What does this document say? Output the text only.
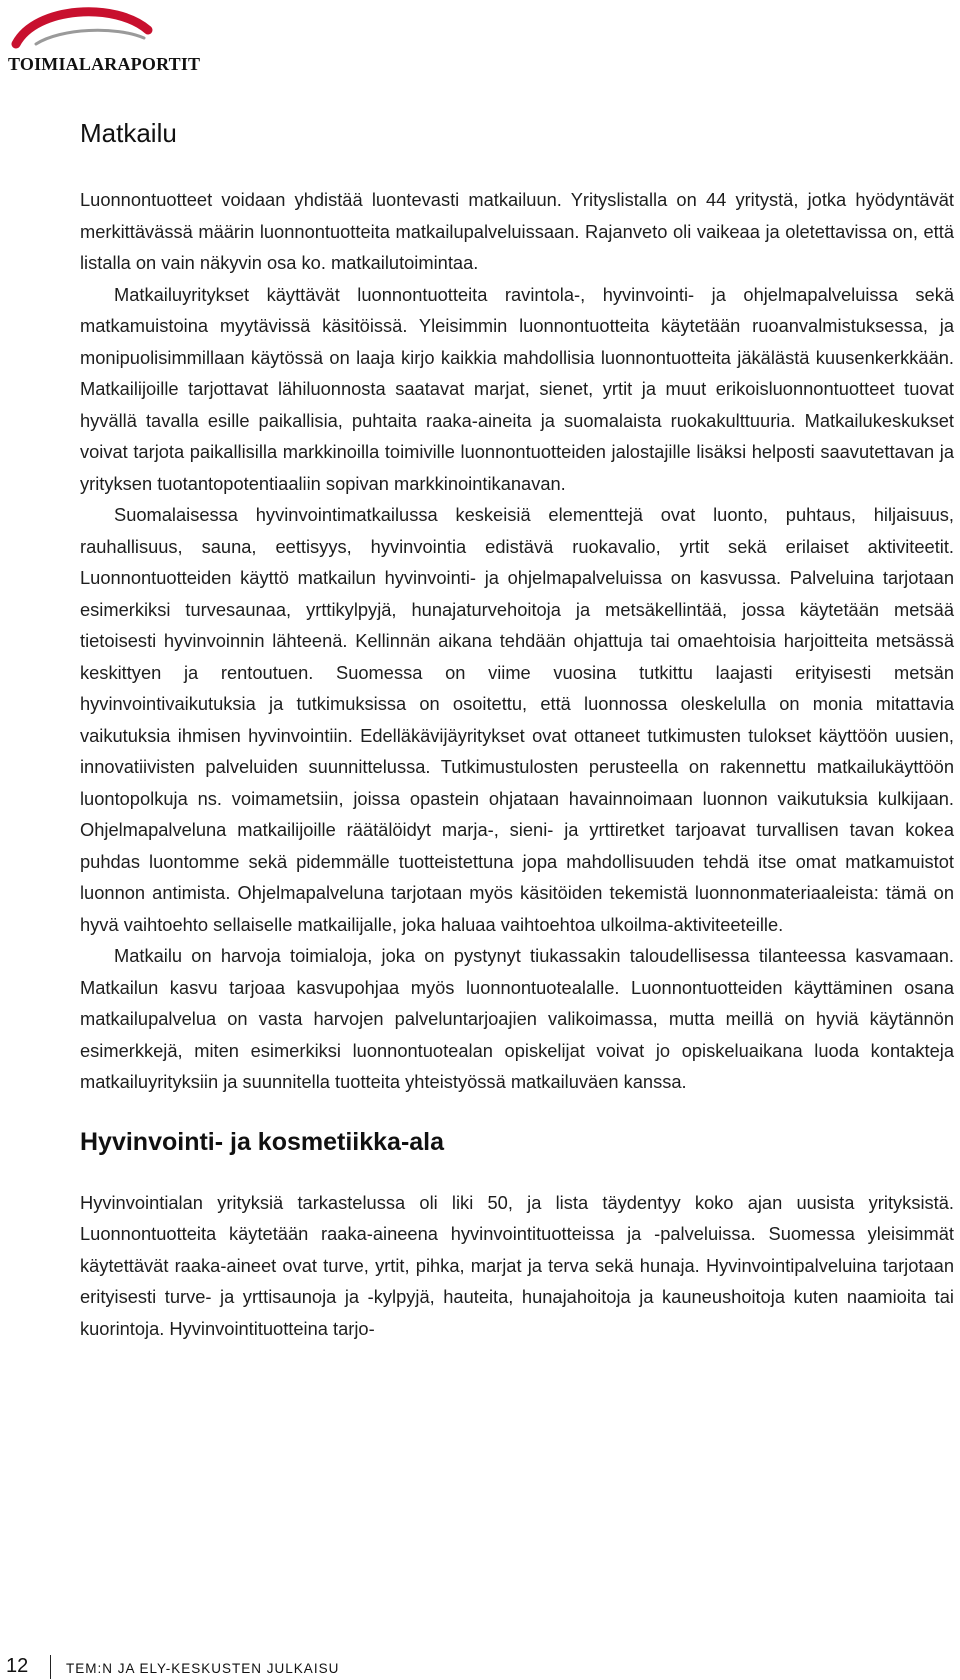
TOIMIALARAPORTIT
Matkailu

Luonnontuotteet voidaan yhdistää luontevasti matkailuun. Yrityslistalla on 44 yritystä, jotka hyödyntävät merkittävässä määrin luonnontuotteita matkailupalveluissaan. Rajanveto oli vaikeaa ja oletettavissa on, että listalla on vain näkyvin osa ko. matkailutoimintaa.

Matkailuyritykset käyttävät luonnontuotteita ravintola-, hyvinvointi- ja ohjelmapalveluissa sekä matkamuistoina myytävissä käsitöissä. Yleisimmin luonnontuotteita käytetään ruoanvalmistuksessa, ja monipuolisimmillaan käytössä on laaja kirjo kaikkia mahdollisia luonnontuotteita jäkälästä kuusenkerkkään. Matkailijoille tarjottavat lähiluonnosta saatavat marjat, sienet, yrtit ja muut erikoisluonnontuotteet tuovat hyvällä tavalla esille paikallisia, puhtaita raaka-aineita ja suomalaista ruokakulttuuria. Matkailukeskukset voivat tarjota paikallisilla markkinoilla toimiville luonnontuotteiden jalostajille lisäksi helposti saavutettavan ja yrityksen tuotantopotentiaaliin sopivan markkinointikanavan.

Suomalaisessa hyvinvointimatkailussa keskeisiä elementtejä ovat luonto, puhtaus, hiljaisuus, rauhallisuus, sauna, eettisyys, hyvinvointia edistävä ruokavalio, yrtit sekä erilaiset aktiviteetit. Luonnontuotteiden käyttö matkailun hyvinvointi- ja ohjelmapalveluissa on kasvussa. Palveluina tarjotaan esimerkiksi turvesaunaa, yrttikylpyjä, hunajaturvehoitoja ja metsäkellintää, jossa käytetään metsää tietoisesti hyvinvoinnin lähteenä. Kellinnän aikana tehdään ohjattuja tai omaehtoisia harjoitteita metsässä keskittyen ja rentoutuen. Suomessa on viime vuosina tutkittu laajasti erityisesti metsän hyvinvointivaikutuksia ja tutkimuksissa on osoitettu, että luonnossa oleskelulla on monia mitattavia vaikutuksia ihmisen hyvinvointiin. Edelläkävijäyritykset ovat ottaneet tutkimusten tulokset käyttöön uusien, innovatiivisten palveluiden suunnittelussa. Tutkimustulosten perusteella on rakennettu matkailukäyttöön luontopolkuja ns. voimametsiin, joissa opastein ohjataan havainnoimaan luonnon vaikutuksia kulkijaan. Ohjelmapalveluna matkailijoille räätälöidyt marja-, sieni- ja yrttiretket tarjoavat turvallisen tavan kokea puhdas luontomme sekä pidemmälle tuotteistettuna jopa mahdollisuuden tehdä itse omat matkamuistot luonnon antimista. Ohjelmapalveluna tarjotaan myös käsitöiden tekemistä luonnonmateriaaleista: tämä on hyvä vaihtoehto sellaiselle matkailijalle, joka haluaa vaihtoehtoa ulkoilma-aktiviteeteille.

Matkailu on harvoja toimialoja, joka on pystynyt tiukassakin taloudellisessa tilanteessa kasvamaan. Matkailun kasvu tarjoaa kasvupohjaa myös luonnontuotealalle. Luonnontuotteiden käyttäminen osana matkailupalvelua on vasta harvojen palveluntarjoajien valikoimassa, mutta meillä on hyviä käytännön esimerkkejä, miten esimerkiksi luonnontuotealan opiskelijat voivat jo opiskeluaikana luoda kontakteja matkailuyrityksiin ja suunnitella tuotteita yhteistyössä matkailuväen kanssa.

Hyvinvointi- ja kosmetiikka-ala

Hyvinvointialan yrityksiä tarkastelussa oli liki 50, ja lista täydentyy koko ajan uusista yrityksistä. Luonnontuotteita käytetään raaka-aineena hyvinvointituotteissa ja -palveluissa. Suomessa yleisimmät käytettävät raaka-aineet ovat turve, yrtit, pihka, marjat ja terva sekä hunaja. Hyvinvointipalveluina tarjotaan erityisesti turve- ja yrttisaunoja ja -kylpyjä, hauteita, hunajahoitoja ja kauneushoitoja kuten naamioita tai kuorintoja. Hyvinvointituotteina tarjo-

12	TEM:N JA ELY-KESKUSTEN JULKAISU
